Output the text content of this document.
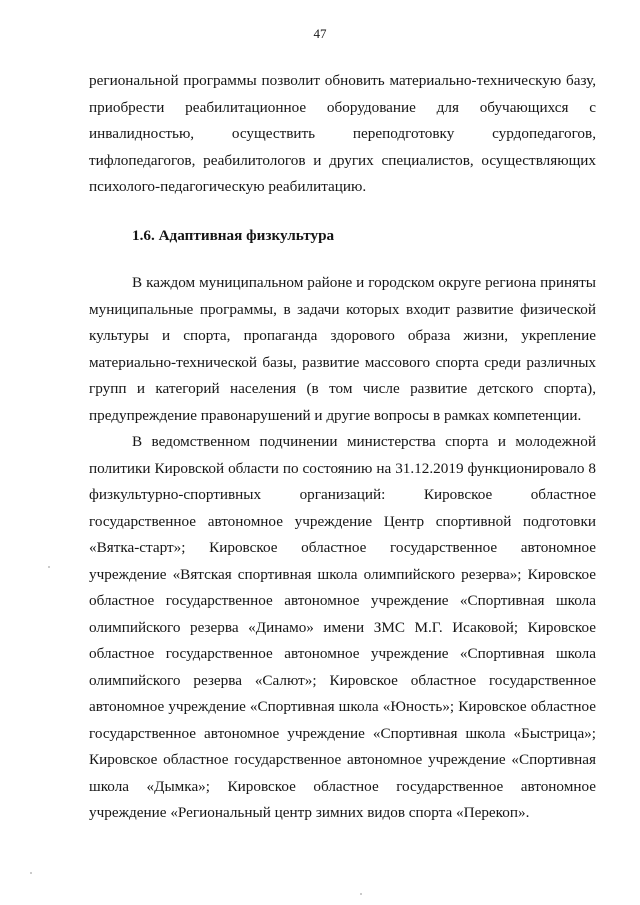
47

региональной программы позволит обновить материально-техническую базу, приобрести реабилитационное оборудование для обучающихся с инвалидностью, осуществить переподготовку сурдопедагогов, тифлопедагогов, реабилитологов и других специалистов, осуществляющих психолого-педагогическую реабилитацию.

1.6. Адаптивная физкультура

В каждом муниципальном районе и городском округе региона приняты муниципальные программы, в задачи которых входит развитие физической культуры и спорта, пропаганда здорового образа жизни, укрепление материально-технической базы, развитие массового спорта среди различных групп и категорий населения (в том числе развитие детского спорта), предупреждение правонарушений и другие вопросы в рамках компетенции.

В ведомственном подчинении министерства спорта и молодежной политики Кировской области по состоянию на 31.12.2019 функционировало 8 физкультурно-спортивных организаций: Кировское областное государственное автономное учреждение Центр спортивной подготовки «Вятка-старт»; Кировское областное государственное автономное учреждение «Вятская спортивная школа олимпийского резерва»; Кировское областное государственное автономное учреждение «Спортивная школа олимпийского резерва «Динамо» имени ЗМС М.Г. Исаковой; Кировское областное государственное автономное учреждение «Спортивная школа олимпийского резерва «Салют»; Кировское областное государственное автономное учреждение «Спортивная школа «Юность»; Кировское областное государственное автономное учреждение «Спортивная школа «Быстрица»; Кировское областное государственное автономное учреждение «Спортивная школа «Дымка»; Кировское областное государственное автономное учреждение «Региональный центр зимних видов спорта «Перекоп».
